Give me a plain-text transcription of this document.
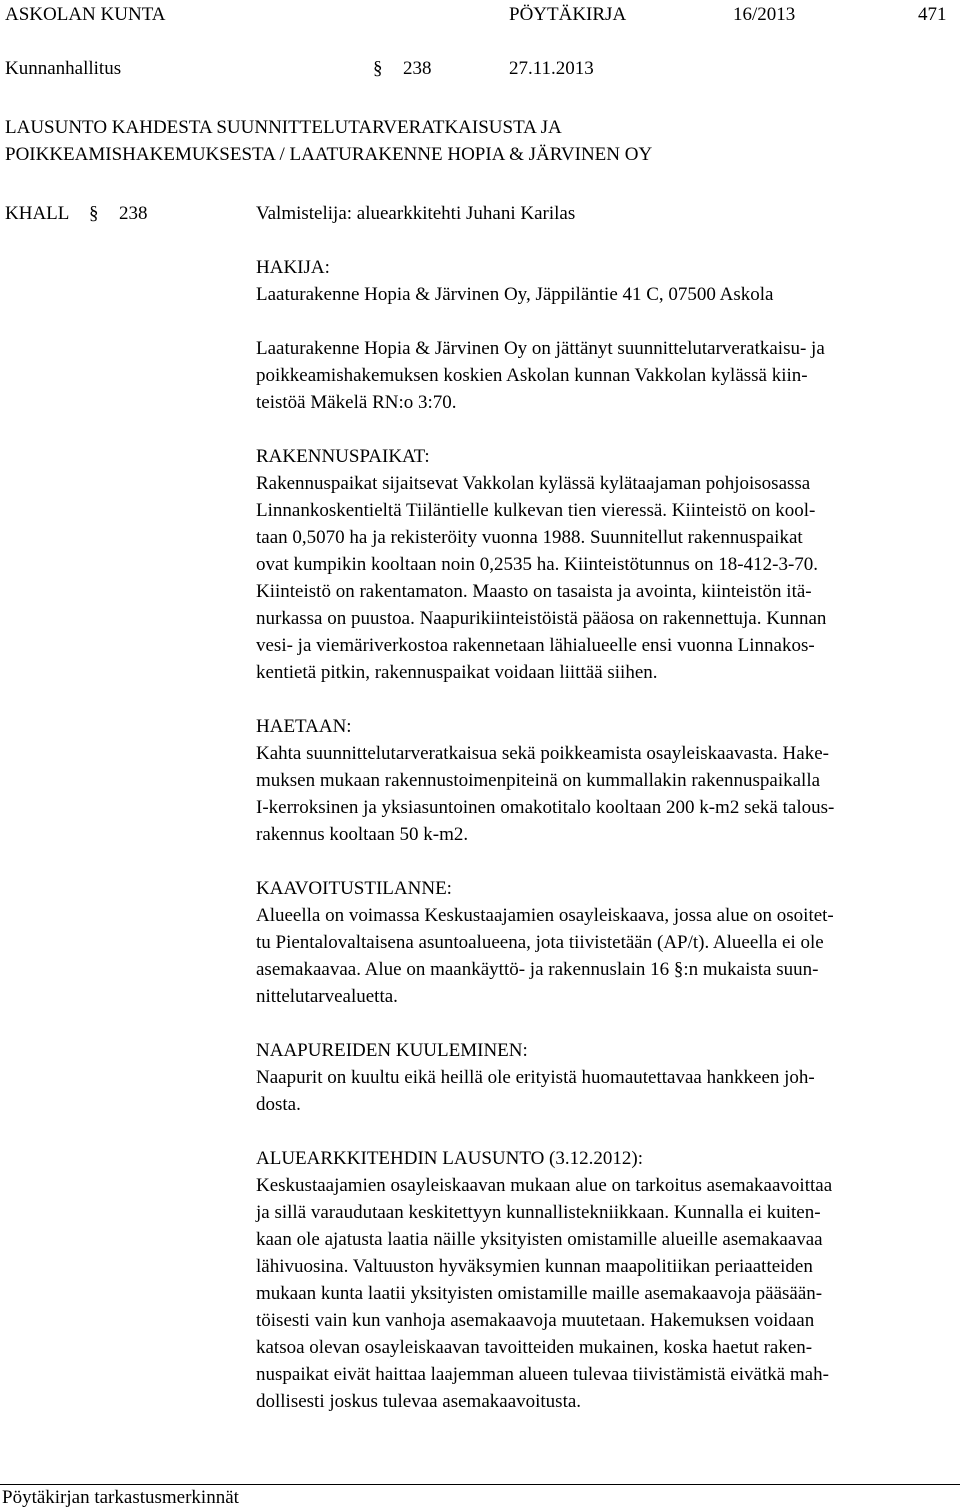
ASKOLAN KUNTA	PÖYTÄKIRJA	16/2013	471
Kunnanhallitus	§ 238	27.11.2013
LAUSUNTO KAHDESTA SUUNNITTELUTARVERATKAISUSTA JA
POIKKEAMISHAKEMUKSESTA / LAATURAKENNE HOPIA & JÄRVINEN OY
KHALL § 238	Valmistelija: aluearkkitehti Juhani Karilas
HAKIJA:
Laaturakenne Hopia & Järvinen Oy, Jäppiläntie 41 C, 07500 Askola
Laaturakenne Hopia & Järvinen Oy on jättänyt suunnittelutarveratkaisu- ja
poikkeamishakemuksen koskien Askolan kunnan Vakkolan kylässä kiin-
teistöä Mäkelä RN:o 3:70.
RAKENNUSPAIKAT:
Rakennuspaikat sijaitsevat Vakkolan kylässä kylätaajaman pohjoisosassa
Linnankoskentieltä Tiiläntielle kulkevan tien vieressä. Kiinteistö on kool-
taan 0,5070 ha ja rekisteröity vuonna 1988. Suunnitellut rakennuspaikat
ovat kumpikin kooltaan noin 0,2535 ha. Kiinteistötunnus on 18-412-3-70.
Kiinteistö on rakentamaton. Maasto on tasaista ja avointa, kiinteistön itä-
nurkassa on puustoa. Naapurikiinteistöistä pääosa on rakennettuja. Kunnan
vesi- ja viemäriverkostoa rakennetaan lähialueelle ensi vuonna Linnakos-
kentietä pitkin, rakennuspaikat voidaan liittää siihen.
HAETAAN:
Kahta suunnittelutarveratkaisua sekä poikkeamista osayleiskaavasta. Hake-
muksen mukaan rakennustoimenpiteinä on kummallakin rakennuspaikalla
I-kerroksinen ja yksiasuntoinen omakotitalo kooltaan 200 k-m2 sekä talous-
rakennus kooltaan 50 k-m2.
KAAVOITUSTILANNE:
Alueella on voimassa Keskustaajamien osayleiskaava, jossa alue on osoitet-
tu Pientalovaltaisena asuntoalueena, jota tiivistetään (AP/t). Alueella ei ole
asemakaavaa. Alue on maankäyttö- ja rakennuslain 16 §:n mukaista suun-
nittelutarvealuetta.
NAAPUREIDEN KUULEMINEN:
Naapurit on kuultu eikä heillä ole erityistä huomautettavaa hankkeen joh-
dosta.
ALUEARKKITEHDIN LAUSUNTO (3.12.2012):
Keskustaajamien osayleiskaavan mukaan alue on tarkoitus asemakaavoittaa
ja sillä varaudutaan keskitettyyn kunnallistekniikkaan. Kunnalla ei kuiten-
kaan ole ajatusta laatia näille yksityisten omistamille alueille asemakaavaa
lähivuosina. Valtuuston hyväksymien kunnan maapolitiikan periaatteiden
mukaan kunta laatii yksityisten omistamille maille asemakaavoja pääsään-
töisesti vain kun vanhoja asemakaavoja muutetaan. Hakemuksen voidaan
katsoa olevan osayleiskaavan tavoitteiden mukainen, koska haetut raken-
nuspaikat eivät haittaa laajemman alueen tulevaa tiivistämistä eivätkä mah-
dollisesti joskus tulevaa asemakaavoitusta.
Pöytäkirjan tarkastusmerkinnät
